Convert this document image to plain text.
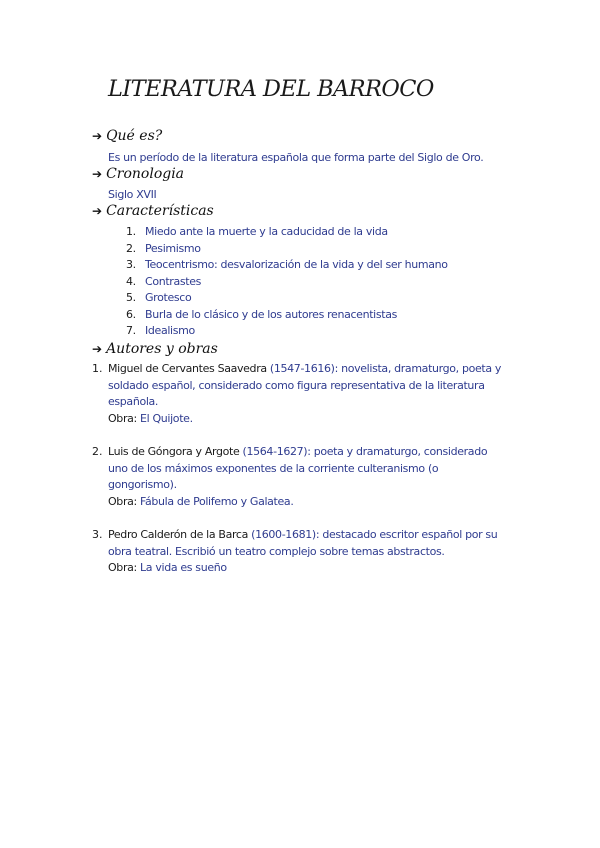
LITERATURA DEL BARROCO
➔ Qué es?
Es un período de la literatura española que forma parte del Siglo de Oro.
➔ Cronologia
Siglo XVII
➔ Características
1. Miedo ante la muerte y la caducidad de la vida
2. Pesimismo
3. Teocentrismo: desvalorización de la vida y del ser humano
4. Contrastes
5. Grotesco
6. Burla de lo clásico y de los autores renacentistas
7. Idealismo
➔ Autores y obras
1. Miguel de Cervantes Saavedra (1547-1616): novelista, dramaturgo, poeta y
soldado español, considerado como figura representativa de la literatura
española.
Obra: El Quijote.
2. Luis de Góngora y Argote (1564-1627): poeta y dramaturgo, considerado
uno de los máximos exponentes de la corriente culteranismo (o
gongorismo).
Obra: Fábula de Polifemo y Galatea.
3. Pedro Calderón de la Barca (1600-1681): destacado escritor español por su
obra teatral. Escribió un teatro complejo sobre temas abstractos.
Obra: La vida es sueño
